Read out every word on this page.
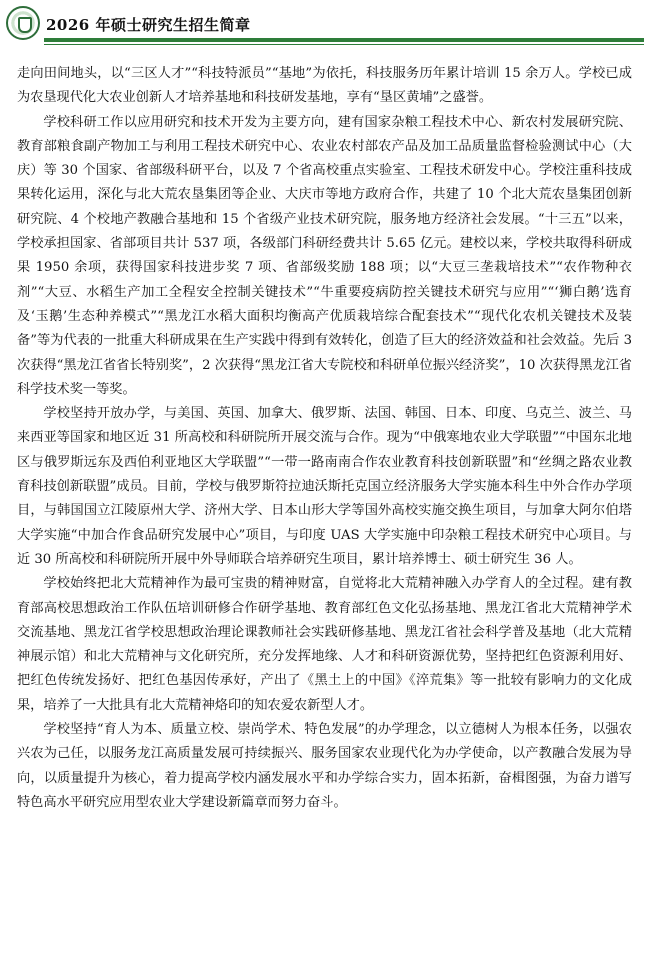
2026 年硕士研究生招生简章

走向田间地头，以“三区人才”“科技特派员”“基地”为依托，科技服务历年累计培训 15 余万人。学校已成为农垦现代化大农业创新人才培养基地和科技研发基地，享有“垦区黄埔”之盛誉。

学校科研工作以应用研究和技术开发为主要方向，建有国家杂粮工程技术中心、新农村发展研究院、教育部粮食副产物加工与利用工程技术研究中心、农业农村部农产品及加工品质量监督检验测试中心（大庆）等 30 个国家、省部级科研平台，以及 7 个省高校重点实验室、工程技术研发中心。学校注重科技成果转化运用，深化与北大荒农垦集团等企业、大庆市等地方政府合作，共建了 10 个北大荒农垦集团创新研究院、4 个校地产教融合基地和 15 个省级产业技术研究院，服务地方经济社会发展。“十三五”以来，学校承担国家、省部项目共计 537 项，各级部门科研经费共计 5.65 亿元。建校以来，学校共取得科研成果 1950 余项，获得国家科技进步奖 7 项、省部级奖励 188 项；以“大豆三垄栽培技术”“农作物种衣剂”“大豆、水稻生产加工全程安全控制关键技术”“牛重要疫病防控关键技术研究与应用”“‘狮白鹅’选育及‘玉鹅’生态种养模式”“黑龙江水稻大面积均衡高产优质栽培综合配套技术”“现代化农机关键技术及装备”等为代表的一批重大科研成果在生产实践中得到有效转化，创造了巨大的经济效益和社会效益。先后 3 次获得“黑龙江省省长特别奖”，2 次获得“黑龙江省大专院校和科研单位振兴经济奖”，10 次获得黑龙江省科学技术奖一等奖。

学校坚持开放办学，与美国、英国、加拿大、俄罗斯、法国、韩国、日本、印度、乌克兰、波兰、马来西亚等国家和地区近 31 所高校和科研院所开展交流与合作。现为“中俄寒地农业大学联盟”“中国东北地区与俄罗斯远东及西伯利亚地区大学联盟”“一带一路南南合作农业教育科技创新联盟”和“丝绸之路农业教育科技创新联盟”成员。目前，学校与俄罗斯符拉迪沃斯托克国立经济服务大学实施本科生中外合作办学项目，与韩国国立江陵原州大学、济州大学、日本山形大学等国外高校实施交换生项目，与加拿大阿尔伯塔大学实施“中加合作食品研究发展中心”项目，与印度 UAS 大学实施中印杂粮工程技术研究中心项目。与近 30 所高校和科研院所开展中外导师联合培养研究生项目，累计培养博士、硕士研究生 36 人。

学校始终把北大荒精神作为最可宝贵的精神财富，自觉将北大荒精神融入办学育人的全过程。建有教育部高校思想政治工作队伍培训研修合作研学基地、教育部红色文化弘扬基地、黑龙江省北大荒精神学术交流基地、黑龙江省学校思想政治理论课教师社会实践研修基地、黑龙江省社会科学普及基地（北大荒精神展示馆）和北大荒精神与文化研究所，充分发挥地缘、人才和科研资源优势，坚持把红色资源利用好、把红色传统发扬好、把红色基因传承好，产出了《黑土上的中国》《淬荒集》等一批较有影响力的文化成果，培养了一大批具有北大荒精神烙印的知农爱农新型人才。

学校坚持“育人为本、质量立校、崇尚学术、特色发展”的办学理念，以立德树人为根本任务，以强农兴农为己任，以服务龙江高质量发展可持续振兴、服务国家农业现代化为办学使命，以产教融合发展为导向，以质量提升为核心，着力提高学校内涵发展水平和办学综合实力，固本拓新，奋楫图强，为奋力谱写特色高水平研究应用型农业大学建设新篇章而努力奋斗。
